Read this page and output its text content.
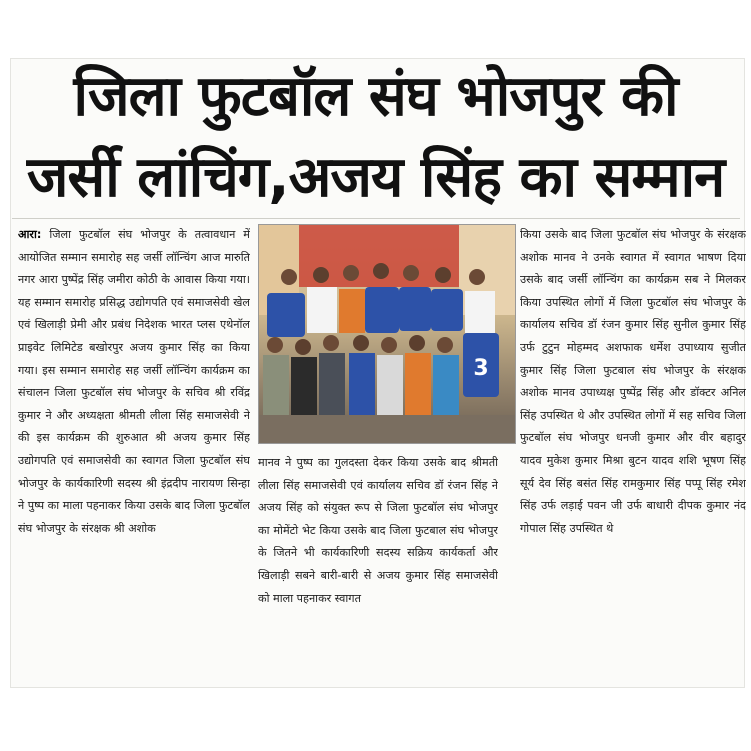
जिला फुटबॉल संघ भोजपुर की
जर्सी लांचिंग,अजय सिंह का सम्मान
आरा: जिला फुटबॉल संघ भोजपुर के तत्वावधान में आयोजित सम्मान समारोह सह जर्सी लॉन्चिंग आज मारुति नगर आरा पुष्पेंद्र सिंह जमीरा कोठी के आवास किया गया। यह सम्मान समारोह प्रसिद्ध उद्योगपति एवं समाजसेवी खेल एवं खिलाड़ी प्रेमी और प्रबंध निदेशक भारत प्लस एथेनॉल प्राइवेट लिमिटेड बखोरपुर अजय कुमार सिंह का किया गया। इस सम्मान समारोह सह जर्सी लॉन्चिंग कार्यक्रम का संचालन जिला फुटबॉल संघ भोजपुर के सचिव श्री रविंद्र कुमार ने और अध्यक्षता श्रीमती लीला सिंह समाजसेवी ने की इस कार्यक्रम की शुरुआत श्री अजय कुमार सिंह उद्योगपति एवं समाजसेवी का स्वागत जिला फुटबॉल संघ भोजपुर के कार्यकारिणी सदस्य श्री इंद्रदीप नारायण सिन्हा ने पुष्प का माला पहनाकर किया उसके बाद जिला फुटबॉल संघ भोजपुर के संरक्षक श्री अशोक
3
मानव ने पुष्प का गुलदस्ता देकर किया उसके बाद श्रीमती लीला सिंह समाजसेवी एवं कार्यालय सचिव डॉ रंजन सिंह ने अजय सिंह को संयुक्त रूप से जिला फुटबॉल संघ भोजपुर का मोमेंटो भेट किया उसके बाद जिला फुटबाल संघ भोजपुर के जितने भी कार्यकारिणी सदस्य सक्रिय कार्यकर्ता और खिलाड़ी सबने बारी-बारी से अजय कुमार सिंह समाजसेवी को माला पहनाकर स्वागत
किया उसके बाद जिला फुटबॉल संघ भोजपुर के संरक्षक अशोक मानव ने उनके स्वागत में स्वागत भाषण दिया उसके बाद जर्सी लॉन्चिंग का कार्यक्रम सब ने मिलकर किया उपस्थित लोगों में जिला फुटबॉल संघ भोजपुर के कार्यालय सचिव डॉ रंजन कुमार सिंह सुनील कुमार सिंह उर्फ टुटुन मोहम्मद अशफाक धर्मेश उपाध्याय सुजीत कुमार सिंह जिला फुटबाल संघ भोजपुर के संरक्षक अशोक मानव उपाध्यक्ष पुष्पेंद्र सिंह और डॉक्टर अनिल सिंह उपस्थित थे और उपस्थित लोगों में सह सचिव जिला फुटबॉल संघ भोजपुर धनजी कुमार और वीर बहादुर यादव मुकेश कुमार मिश्रा बुटन यादव शशि भूषण सिंह सूर्य देव सिंह बसंत सिंह रामकुमार सिंह पप्पू सिंह रमेश सिंह उर्फ लड़ाई पवन जी उर्फ बाधारी दीपक कुमार नंद गोपाल सिंह उपस्थित थे
